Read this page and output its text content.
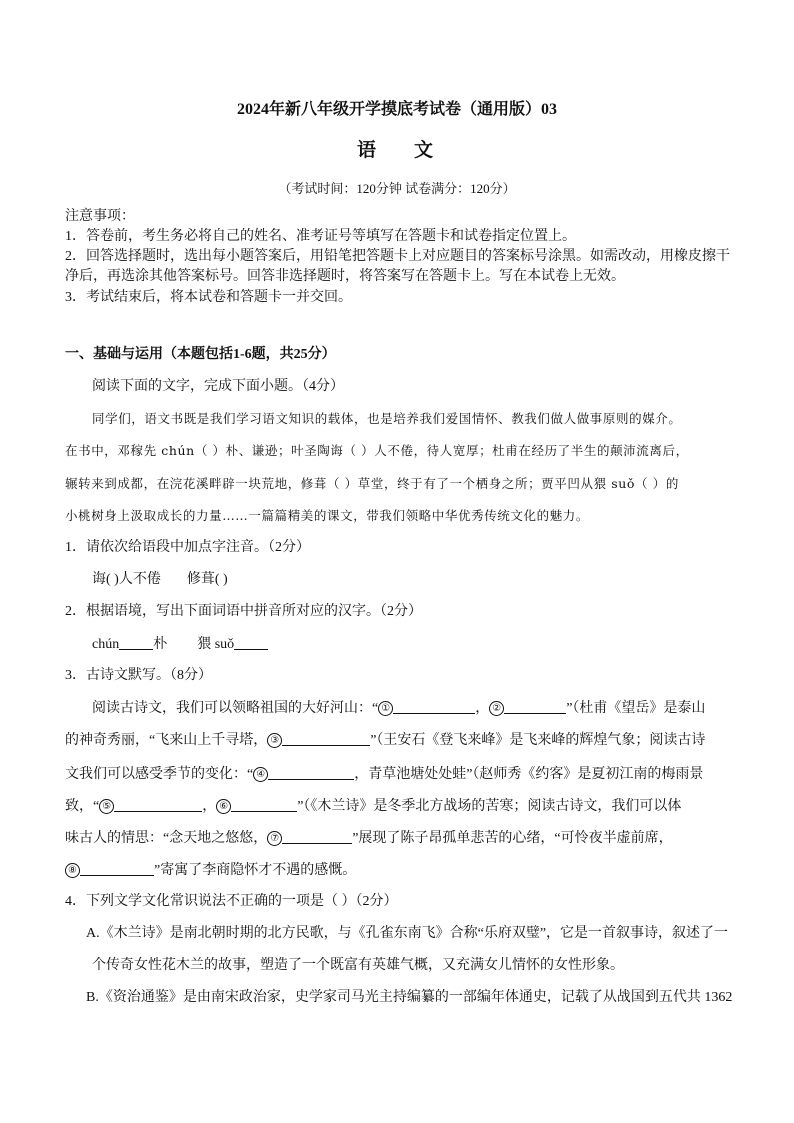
2024年新八年级开学摸底考试卷（通用版）03
语 文
（考试时间：120分钟 试卷满分：120分）
注意事项：
1．答卷前，考生务必将自己的姓名、准考证号等填写在答题卡和试卷指定位置上。
2．回答选择题时，选出每小题答案后，用铅笔把答题卡上对应题目的答案标号涂黑。如需改动，用橡皮擦干
净后，再选涂其他答案标号。回答非选择题时，将答案写在答题卡上。写在本试卷上无效。
3．考试结束后，将本试卷和答题卡一并交回。
一、基础与运用（本题包括1-6题，共25分）
阅读下面的文字，完成下面小题。（4分）
同学们，语文书既是我们学习语文知识的载体，也是培养我们爱国情怀、教我们做人做事原则的媒介。
在书中，邓稼先 chún（ ）朴、谦逊；叶圣陶诲（ ）人不倦，待人宽厚；杜甫在经历了半生的颠沛流离后，
辗转来到成都，在浣花溪畔辟一块荒地，修葺（ ）草堂，终于有了一个栖身之所；贾平凹从猥 suǒ（ ）的
小桃树身上汲取成长的力量……一篇篇精美的课文，带我们领略中华优秀传统文化的魅力。
1．请依次给语段中加点字注音。（2分）
诲( )人不倦 修葺( )
2．根据语境，写出下面词语中拼音所对应的汉字。（2分）
chún 朴 猥 suǒ
3．古诗文默写。（8分）
阅读古诗文，我们可以领略祖国的大好河山：“ ①	， ②	”（杜甫《望岳》是泰山
的神奇秀丽，“飞来山上千寻塔， ③	”（王安石《登飞来峰》是飞来峰的辉煌气象；阅读古诗
文我们可以感受季节的变化：“ ④	，青草池塘处处蛙”（赵师秀《约客》是夏初江南的梅雨景
致，“ ⑤	， ⑥	”（《木兰诗》是冬季北方战场的苦寒；阅读古诗文，我们可以体
味古人的情思：“念天地之悠悠， ⑦	”展现了陈子昂孤单悲苦的心绪，“可怜夜半虚前席，
⑧	”寄寓了李商隐怀才不遇的感慨。
4．下列文学文化常识说法不正确的一项是（ ）（2分）
A.《木兰诗》是南北朝时期的北方民歌，与《孔雀东南飞》合称“乐府双璧”，它是一首叙事诗，叙述了一
个传奇女性花木兰的故事，塑造了一个既富有英雄气概，又充满女儿情怀的女性形象。
B.《资治通鉴》是由南宋政治家，史学家司马光主持编纂的一部编年体通史，记载了从战国到五代共 1362
